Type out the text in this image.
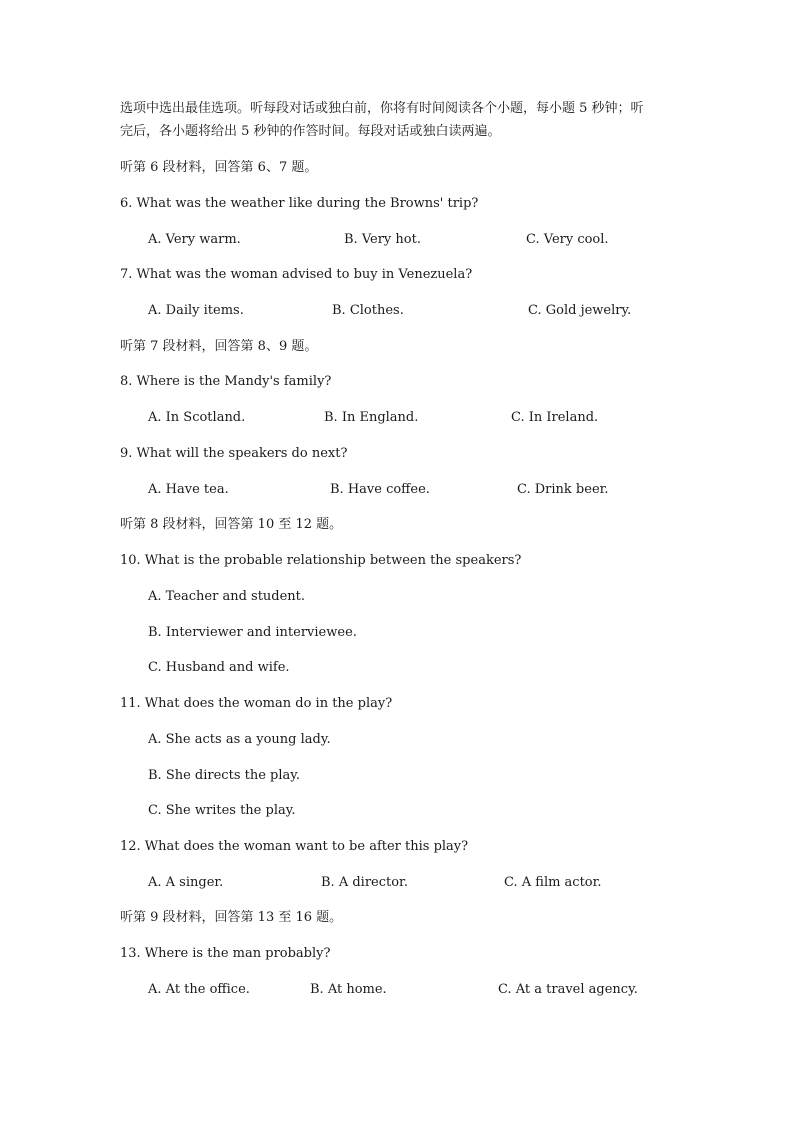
选项中选出最佳选项。听每段对话或独白前，你将有时间阅读各个小题，每小题 5 秒钟；听
完后，各小题将给出 5 秒钟的作答时间。每段对话或独白读两遍。
听第 6 段材料，回答第 6、7 题。
6. What was the weather like during the Browns' trip?
A. Very warm.	B. Very hot.	C. Very cool.
7. What was the woman advised to buy in Venezuela?
A. Daily items.	B. Clothes.	C. Gold jewelry.
听第 7 段材料，回答第 8、9 题。
8. Where is the Mandy's family?
A. In Scotland.	B. In England.	C. In Ireland.
9. What will the speakers do next?
A. Have tea.	B. Have coffee.	C. Drink beer.
听第 8 段材料，回答第 10 至 12 题。
10. What is the probable relationship between the speakers?
A. Teacher and student.
B. Interviewer and interviewee.
C. Husband and wife.
11. What does the woman do in the play?
A. She acts as a young lady.
B. She directs the play.
C. She writes the play.
12. What does the woman want to be after this play?
A. A singer.	B. A director.	C. A film actor.
听第 9 段材料，回答第 13 至 16 题。
13. Where is the man probably?
A. At the office.	B. At home.	C. At a travel agency.
